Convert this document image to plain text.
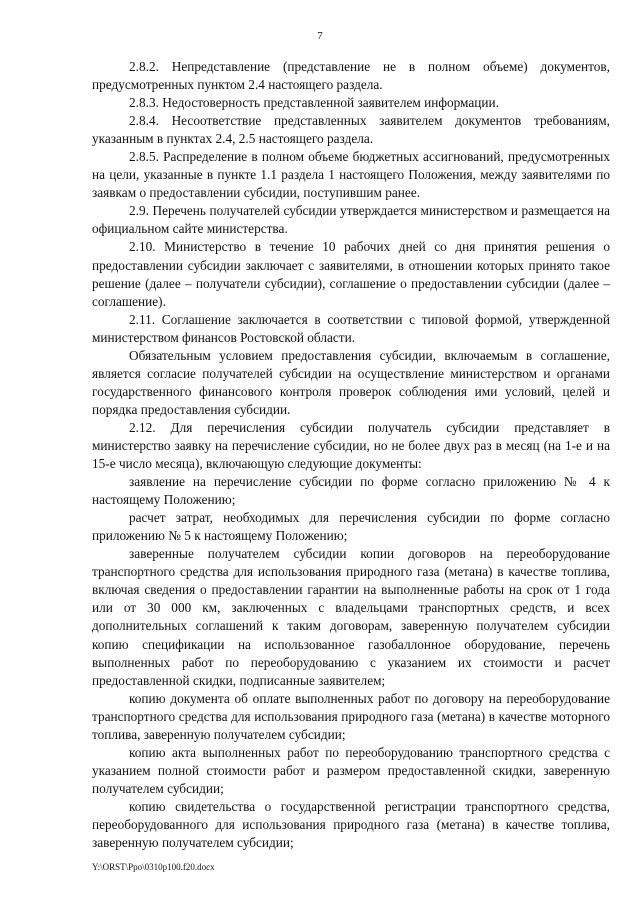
7

2.8.2. Непредставление (представление не в полном объеме) документов, предусмотренных пунктом 2.4 настоящего раздела.

2.8.3. Недостоверность представленной заявителем информации.

2.8.4. Несоответствие представленных заявителем документов требованиям, указанным в пунктах 2.4, 2.5 настоящего раздела.

2.8.5. Распределение в полном объеме бюджетных ассигнований, предусмотренных на цели, указанные в пункте 1.1 раздела 1 настоящего Положения, между заявителями по заявкам о предоставлении субсидии, поступившим ранее.

2.9. Перечень получателей субсидии утверждается министерством и размещается на официальном сайте министерства.

2.10. Министерство в течение 10 рабочих дней со дня принятия решения о предоставлении субсидии заключает с заявителями, в отношении которых принято такое решение (далее – получатели субсидии), соглашение о предоставлении субсидии (далее – соглашение).

2.11. Соглашение заключается в соответствии с типовой формой, утвержденной министерством финансов Ростовской области.

Обязательным условием предоставления субсидии, включаемым в соглашение, является согласие получателей субсидии на осуществление министерством и органами государственного финансового контроля проверок соблюдения ими условий, целей и порядка предоставления субсидии.

2.12. Для перечисления субсидии получатель субсидии представляет в министерство заявку на перечисление субсидии, но не более двух раз в месяц (на 1-е и на 15-е число месяца), включающую следующие документы:

заявление на перечисление субсидии по форме согласно приложению № 4 к настоящему Положению;

расчет затрат, необходимых для перечисления субсидии по форме согласно приложению № 5 к настоящему Положению;

заверенные получателем субсидии копии договоров на переоборудование транспортного средства для использования природного газа (метана) в качестве топлива, включая сведения о предоставлении гарантии на выполненные работы на срок от 1 года или от 30 000 км, заключенных с владельцами транспортных средств, и всех дополнительных соглашений к таким договорам, заверенную получателем субсидии копию спецификации на использованное газобаллонное оборудование, перечень выполненных работ по переоборудованию с указанием их стоимости и расчет предоставленной скидки, подписанные заявителем;

копию документа об оплате выполненных работ по договору на переоборудование транспортного средства для использования природного газа (метана) в качестве моторного топлива, заверенную получателем субсидии;

копию акта выполненных работ по переоборудованию транспортного средства с указанием полной стоимости работ и размером предоставленной скидки, заверенную получателем субсидии;

копию свидетельства о государственной регистрации транспортного средства, переоборудованного для использования природного газа (метана) в качестве топлива, заверенную получателем субсидии;

Y:\ORST\Ppo\0310p100.f20.docx
